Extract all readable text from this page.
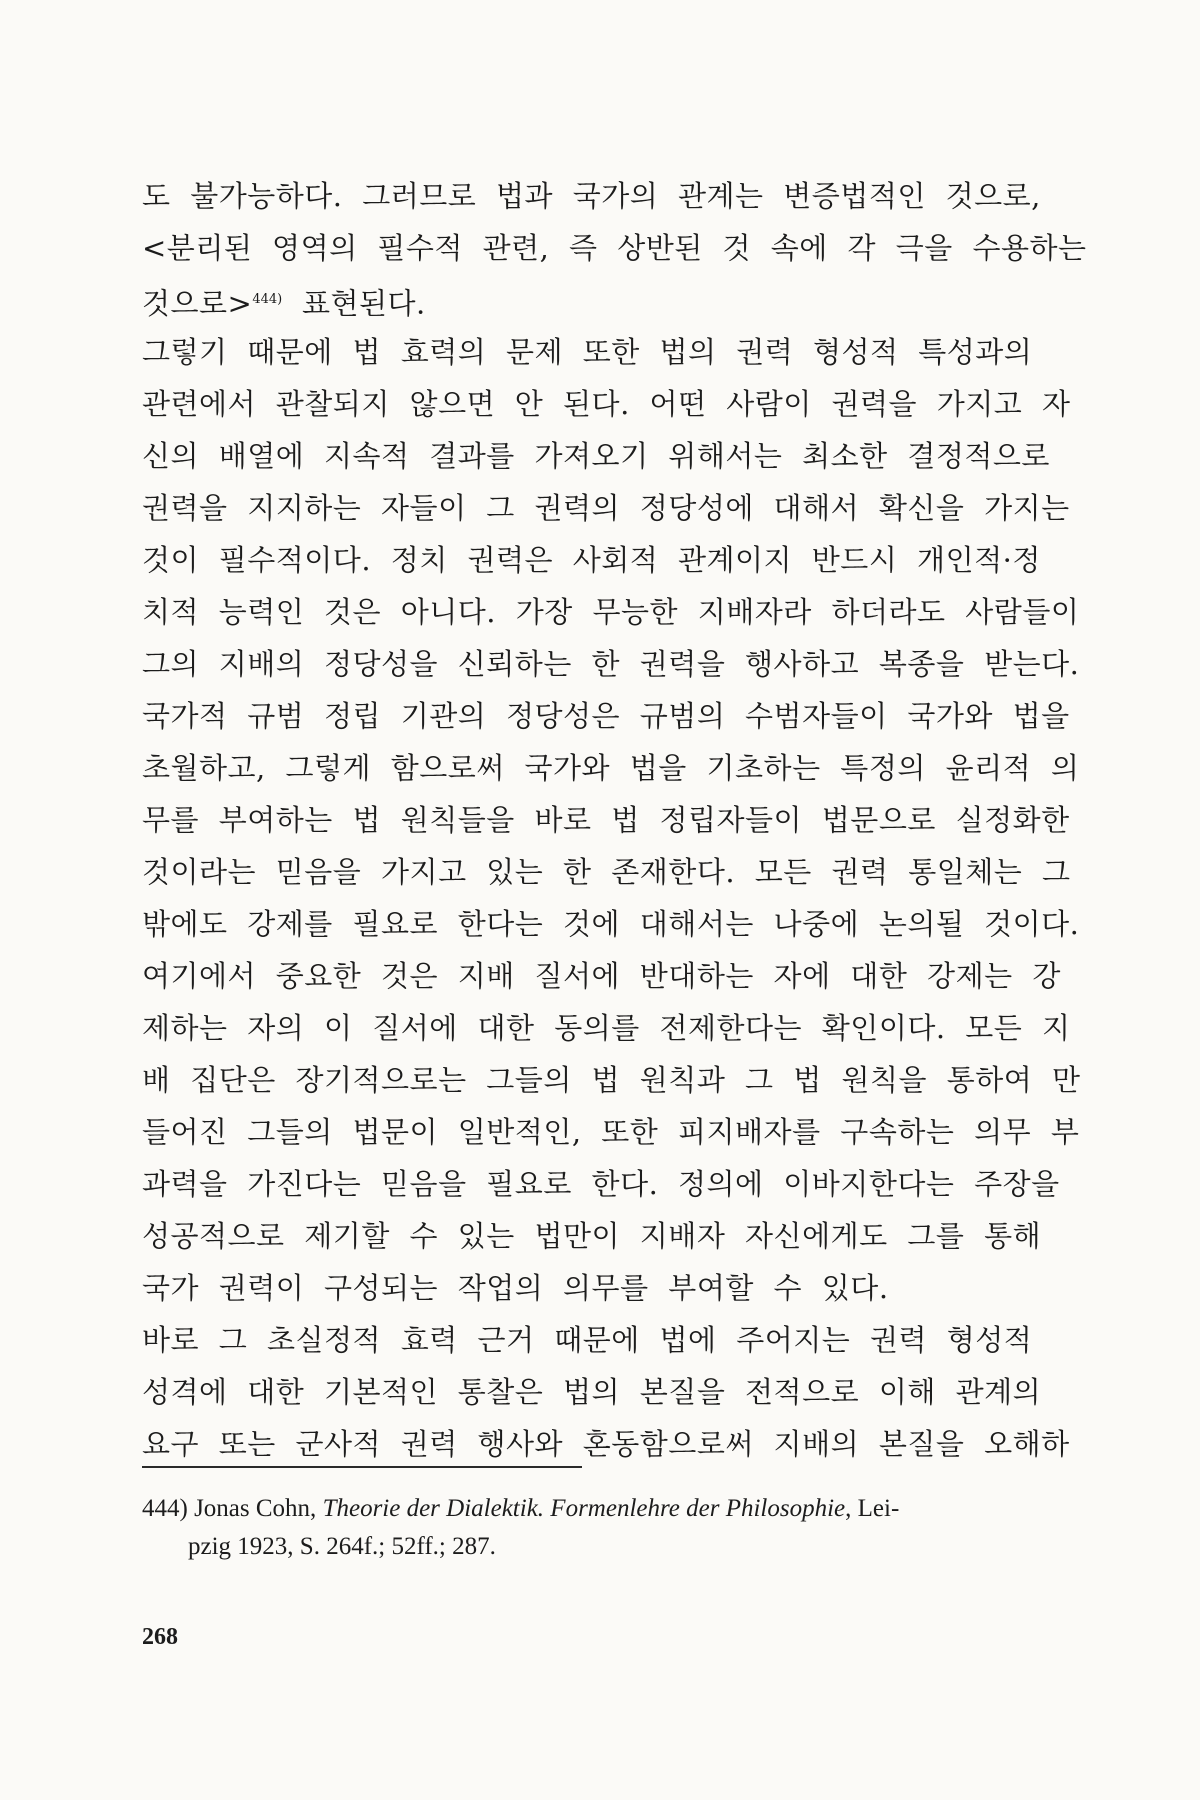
도 불가능하다. 그러므로 법과 국가의 관계는 변증법적인 것으로,
<분리된 영역의 필수적 관련, 즉 상반된 것 속에 각 극을 수용하는
것으로>$^{444)}$ 표현된다.
그렇기 때문에 법 효력의 문제 또한 법의 권력 형성적 특성과의
관련에서 관찰되지 않으면 안 된다. 어떤 사람이 권력을 가지고 자
신의 배열에 지속적 결과를 가져오기 위해서는 최소한 결정적으로
권력을 지지하는 자들이 그 권력의 정당성에 대해서 확신을 가지는
것이 필수적이다. 정치 권력은 사회적 관계이지 반드시 개인적·정
치적 능력인 것은 아니다. 가장 무능한 지배자라 하더라도 사람들이
그의 지배의 정당성을 신뢰하는 한 권력을 행사하고 복종을 받는다.
국가적 규범 정립 기관의 정당성은 규범의 수범자들이 국가와 법을
초월하고, 그렇게 함으로써 국가와 법을 기초하는 특정의 윤리적 의
무를 부여하는 법 원칙들을 바로 법 정립자들이 법문으로 실정화한
것이라는 믿음을 가지고 있는 한 존재한다. 모든 권력 통일체는 그
밖에도 강제를 필요로 한다는 것에 대해서는 나중에 논의될 것이다.
여기에서 중요한 것은 지배 질서에 반대하는 자에 대한 강제는 강
제하는 자의 이 질서에 대한 동의를 전제한다는 확인이다. 모든 지
배 집단은 장기적으로는 그들의 법 원칙과 그 법 원칙을 통하여 만
들어진 그들의 법문이 일반적인, 또한 피지배자를 구속하는 의무 부
과력을 가진다는 믿음을 필요로 한다. 정의에 이바지한다는 주장을
성공적으로 제기할 수 있는 법만이 지배자 자신에게도 그를 통해
국가 권력이 구성되는 작업의 의무를 부여할 수 있다.
바로 그 초실정적 효력 근거 때문에 법에 주어지는 권력 형성적
성격에 대한 기본적인 통찰은 법의 본질을 전적으로 이해 관계의
요구 또는 군사적 권력 행사와 혼동함으로써 지배의 본질을 오해하
444) Jonas Cohn, Theorie der Dialektik. Formenlehre der Philosophie, Lei-
pzig 1923, S. 264f.; 52ff.; 287.
268
